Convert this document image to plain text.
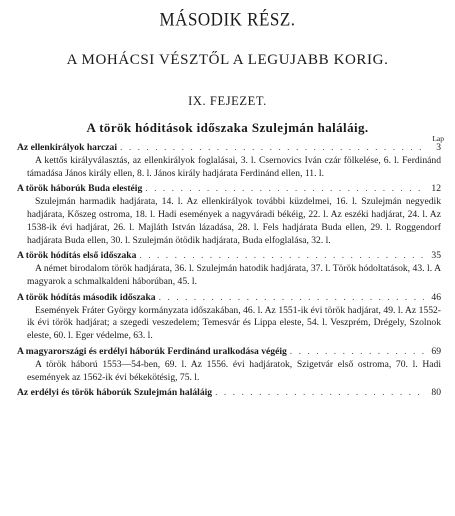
MÁSODIK RÉSZ.
A MOHÁCSI VÉSZTŐL A LEGUJABB KORIG.
IX. FEJEZET.
A török hóditások időszaka Szulejmán haláláig.
Lap
Az ellenkirályok harczai . . .	3
A kettős királyválasztás, az ellenkirályok foglalásai, 3. l. Csernovics Iván czár fölkelése, 6. l. Ferdinánd támadása János király ellen, 8. l. János király hadjárata Ferdinánd ellen, 11. l.
A török háborúk Buda elestéig . . .	12
Szulejmán harmadik hadjárata, 14. l. Az ellenkirályok további küzdelmei, 16. l. Szulejmán negyedik hadjárata, Kőszeg ostroma, 18. l. Hadi események a nagyváradi békéig, 22. l. Az eszéki hadjárat, 24. l. Az 1538-ik évi hadjárat, 26. l. Majláth István lázadása, 28. l. Fels hadjárata Buda ellen, 29. l. Roggendorf hadjárata Buda ellen, 30. l. Szulejmán ötödik hadjárata, Buda elfoglalása, 32. l.
A török hódítás első időszaka . . .	35
A német birodalom török hadjárata, 36. l. Szulejmán hatodik hadjárata, 37. l. Török hódoltatások, 43. l. A magyarok a schmalkaldeni háborúban, 45. l.
A török hódítás második időszaka . . .	46
Események Fráter György kormányzata időszakában, 46. l. Az 1551-ik évi török hadjárat, 49. l. Az 1552-ik évi török hadjárat; a szegedi veszedelem; Temesvár és Lippa eleste, 54. l. Veszprém, Drégely, Szolnok eleste, 60. l. Eger védelme, 63. l.
A magyarországi és erdélyi háborúk Ferdinánd uralkodása végéig . . .	69
A török háború 1553—54-ben, 69. l. Az 1556. évi hadjáratok, Szigetvár első ostroma, 70. l. Hadi események az 1562-ik évi békekötésig, 75. l.
Az erdélyi és török háborúk Szulejmán haláláig . . .	80
